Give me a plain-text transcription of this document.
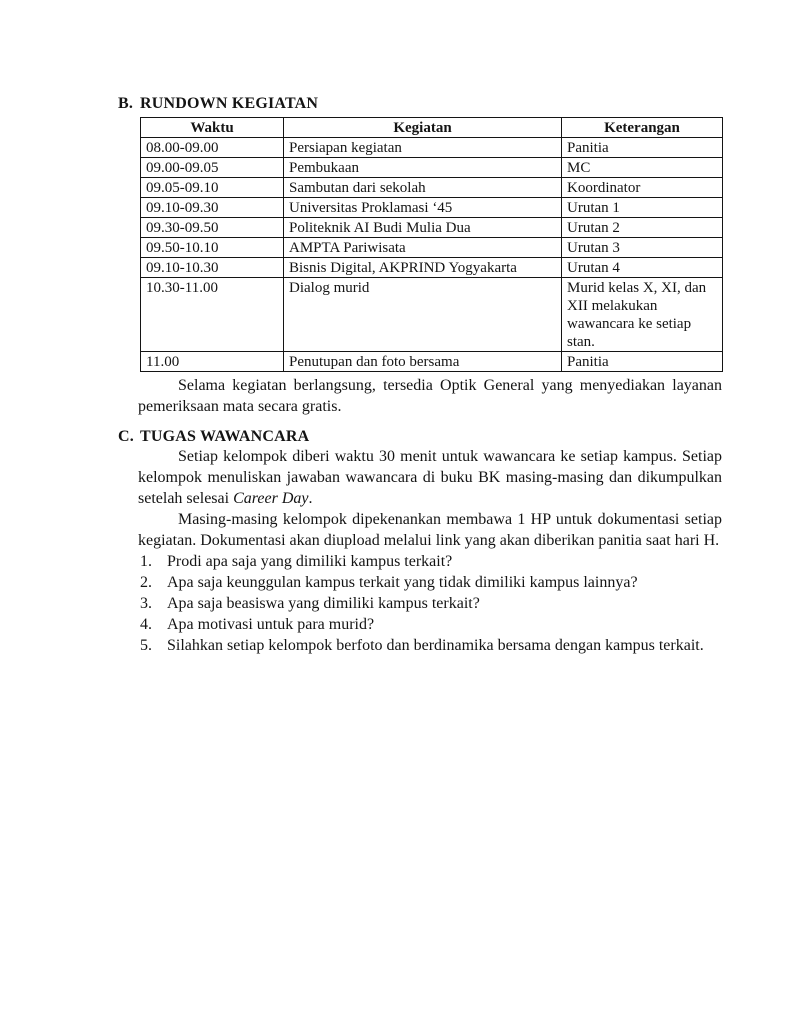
B. RUNDOWN KEGIATAN
Waktu	Kegiatan	Keterangan
08.00-09.00	Persiapan kegiatan	Panitia
09.00-09.05	Pembukaan	MC
09.05-09.10	Sambutan dari sekolah	Koordinator
09.10-09.30	Universitas Proklamasi ‘45	Urutan 1
09.30-09.50	Politeknik AI Budi Mulia Dua	Urutan 2
09.50-10.10	AMPTA Pariwisata	Urutan 3
09.10-10.30	Bisnis Digital, AKPRIND Yogyakarta	Urutan 4
10.30-11.00	Dialog murid	Murid kelas X, XI, dan XII melakukan wawancara ke setiap stan.
11.00	Penutupan dan foto bersama	Panitia

Selama kegiatan berlangsung, tersedia Optik General yang menyediakan layanan pemeriksaan mata secara gratis.

C. TUGAS WAWANCARA

Setiap kelompok diberi waktu 30 menit untuk wawancara ke setiap kampus. Setiap kelompok menuliskan jawaban wawancara di buku BK masing-masing dan dikumpulkan setelah selesai Career Day.

Masing-masing kelompok dipekenankan membawa 1 HP untuk dokumentasi setiap kegiatan. Dokumentasi akan diupload melalui link yang akan diberikan panitia saat hari H.

1. Prodi apa saja yang dimiliki kampus terkait?
2. Apa saja keunggulan kampus terkait yang tidak dimiliki kampus lainnya?
3. Apa saja beasiswa yang dimiliki kampus terkait?
4. Apa motivasi untuk para murid?
5. Silahkan setiap kelompok berfoto dan berdinamika bersama dengan kampus terkait.
